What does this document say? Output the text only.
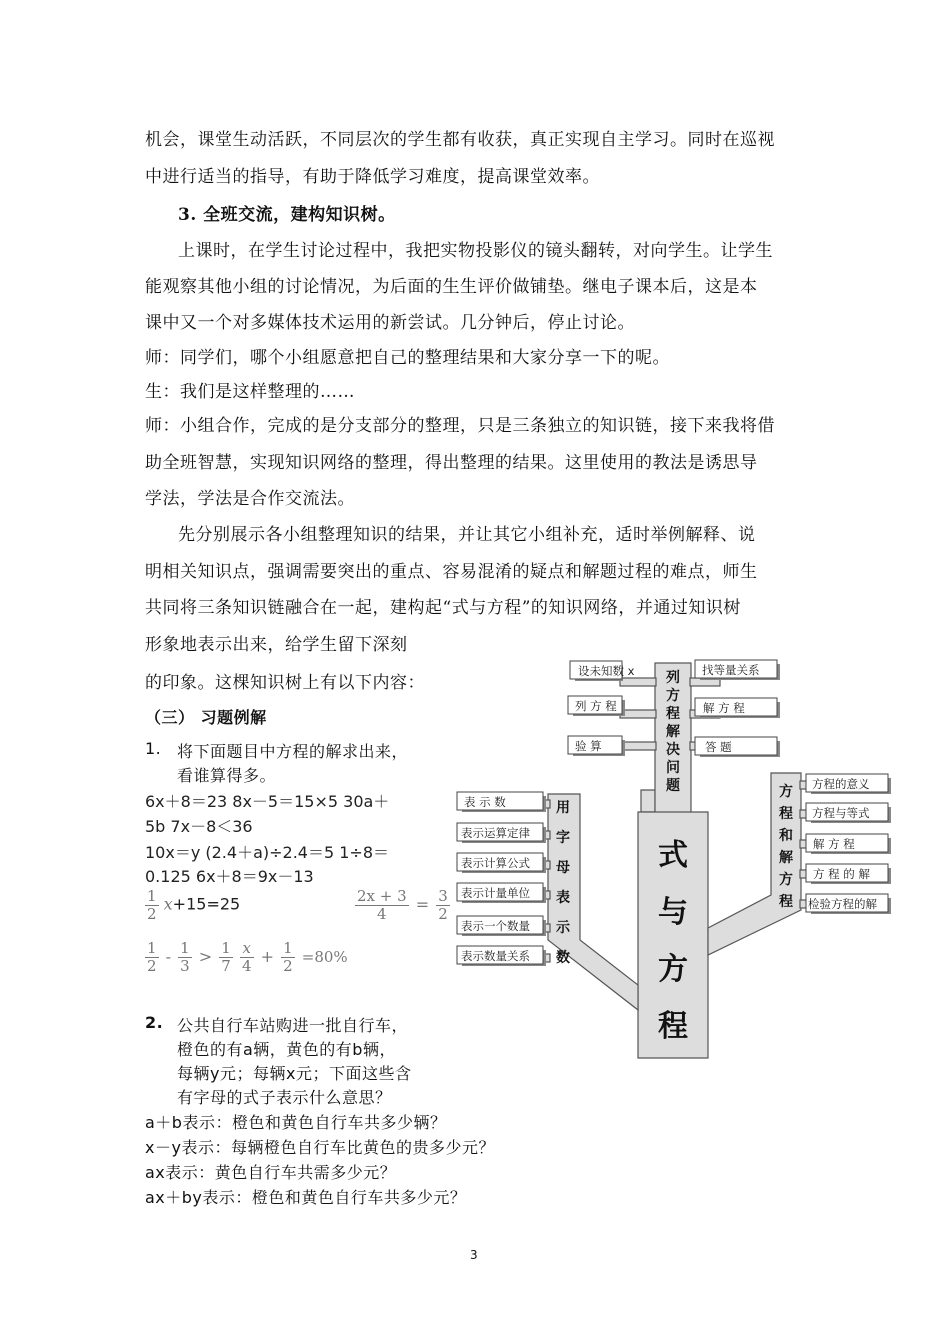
机会，课堂生动活跃，不同层次的学生都有收获，真正实现自主学习。同时在巡视
中进行适当的指导，有助于降低学习难度，提高课堂效率。
3. 全班交流，建构知识树。
上课时，在学生讨论过程中，我把实物投影仪的镜头翻转，对向学生。让学生
能观察其他小组的讨论情况，为后面的生生评价做铺垫。继电子课本后，这是本
课中又一个对多媒体技术运用的新尝试。几分钟后，停止讨论。
师：同学们，哪个小组愿意把自己的整理结果和大家分享一下的呢。
生：我们是这样整理的……
师：小组合作，完成的是分支部分的整理，只是三条独立的知识链，接下来我将借
助全班智慧，实现知识网络的整理，得出整理的结果。这里使用的教法是诱思导
学法，学法是合作交流法。
先分别展示各小组整理知识的结果，并让其它小组补充，适时举例解释、说
明相关知识点，强调需要突出的重点、容易混淆的疑点和解题过程的难点，师生
共同将三条知识链融合在一起，建构起“式与方程”的知识网络，并通过知识树
形象地表示出来，给学生留下深刻
的印象。这棵知识树上有以下内容：
（三） 习题例解
1. 将下面题目中方程的解求出来，
看谁算得多。
6x＋8＝23 8x－5＝15×5 30a＋
5b 7x－8＜36
10x＝y (2.4＋a)÷2.4＝5 1÷8＝
0.125 6x＋8＝9x－13
$\frac{1}{2} x+15=25$	$\frac{2x + 3}{4} = \frac{3}{2}$
$\frac{1}{2} - \frac{1}{3} > \frac{1}{7} \frac{x}{4} + \frac{1}{2} =80\%$
2. 公共自行车站购进一批自行车，
橙色的有a辆，黄色的有b辆，
每辆y元；每辆x元；下面这些含
有字母的式子表示什么意思？
a＋b表示：橙色和黄色自行车共多少辆？
x－y表示：每辆橙色自行车比黄色的贵多少元？
ax表示：黄色自行车共需多少元？
ax＋by表示：橙色和黄色自行车共多少元？
设未知数 x
列 方 程
验 算
找等量关系
解 方 程
答 题
表 示 数
表示运算定律
表示计算公式
表示计量单位
表示一个数量
表示数量关系
方程的意义
方程与等式
解 方 程
方 程 的 解
检验方程的解
列
方
程
解
决
问
题
用
字
母
表
示
数
方
程
和
解
方
程
式
与
方
程
3
